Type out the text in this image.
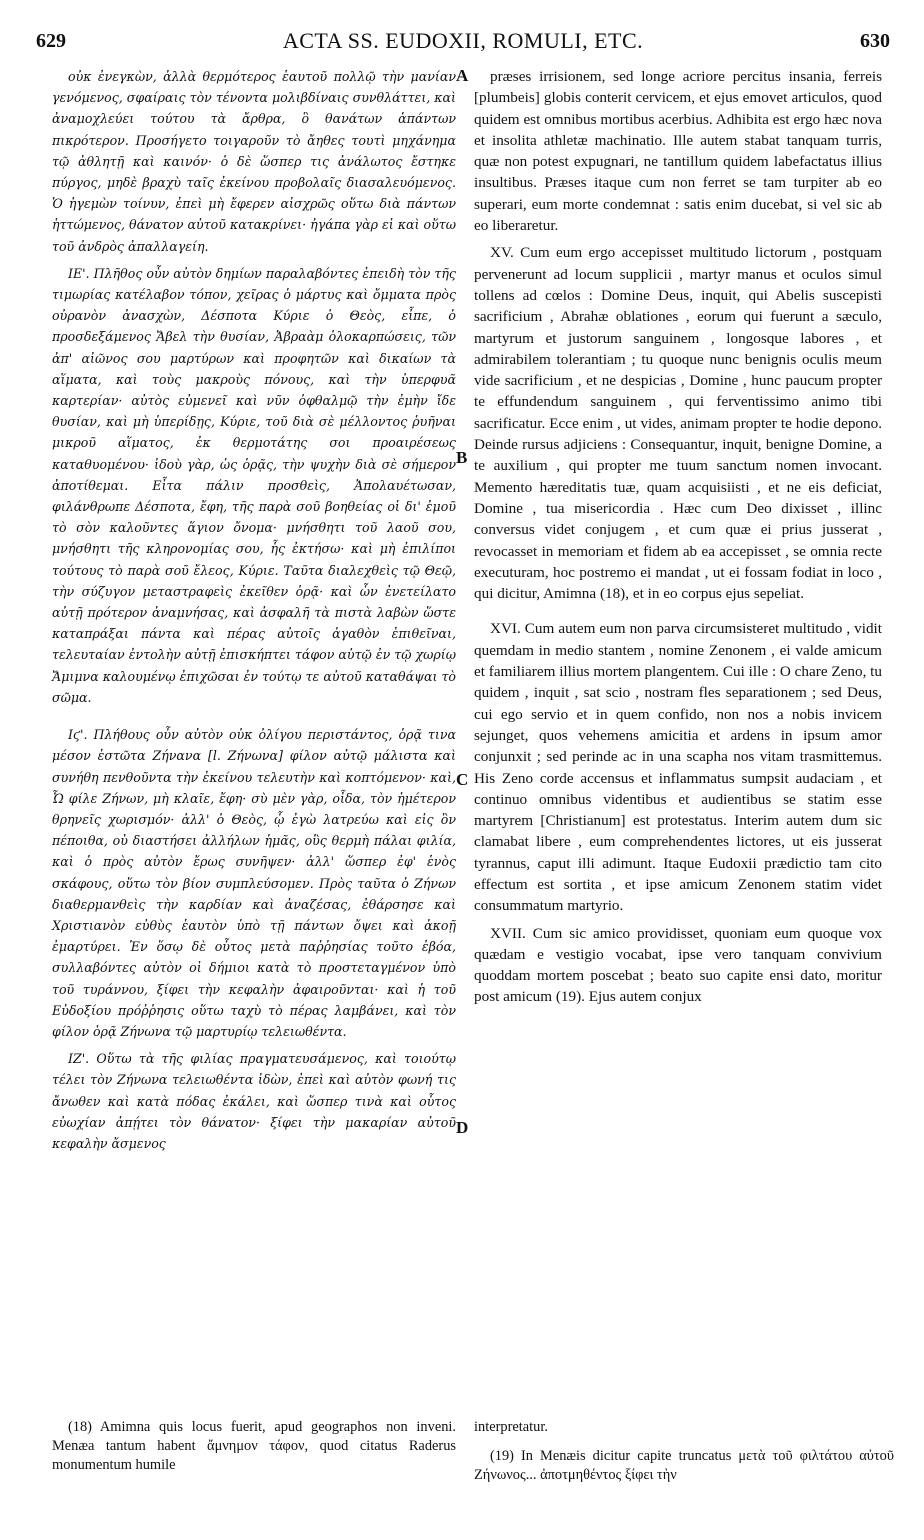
629	ACTA SS. EUDOXII, ROMULI, ETC.	630

οὐκ ἐνεγκὼν, ἀλλὰ θερμότερος ἑαυτοῦ πολλῷ τὴν μανίαν γενόμενος, σφαίραις τὸν τένοντα μολιβδίναις συνθλάττει, καὶ ἀναμοχλεύει τούτου τὰ ἄρθρα, ὃ θανάτων ἁπάντων πικρότερον. Προσήγετο τοιγαροῦν τὸ ἄηθες τουτὶ μηχάνημα τῷ ἀθλητῇ καὶ καινόν· ὁ δὲ ὥσπερ τις ἀνάλωτος ἔστηκε πύργος, μηδὲ βραχὺ ταῖς ἐκείνου προβολαῖς διασαλευόμενος. Ὁ ἡγεμὼν τοίνυν, ἐπεὶ μὴ ἔφερεν αἰσχρῶς οὕτω διὰ πάντων ἡττώμενος, θάνατον αὐτοῦ κατακρίνει· ἠγάπα γὰρ εἰ καὶ οὕτω τοῦ ἀνδρὸς ἀπαλλαγείη.

ΙΕ'. Πλῆθος οὖν αὐτὸν δημίων παραλαβόντες ἐπειδὴ τὸν τῆς τιμωρίας κατέλαβον τόπον, χεῖρας ὁ μάρτυς καὶ ὄμματα πρὸς οὐρανὸν ἀνασχὼν, Δέσποτα Κύριε ὁ Θεὸς, εἶπε, ὁ προσδεξάμενος Ἄβελ τὴν θυσίαν, Ἀβραὰμ ὁλοκαρπώσεις, τῶν ἀπ' αἰῶνος σου μαρτύρων καὶ προφητῶν καὶ δικαίων τὰ αἵματα, καὶ τοὺς μακροὺς πόνους, καὶ τὴν ὑπερφυᾶ καρτερίαν· αὐτὸς εὐμενεῖ καὶ νῦν ὀφθαλμῷ τὴν ἐμὴν ἴδε θυσίαν, καὶ μὴ ὑπερίδῃς, Κύριε, τοῦ διὰ σὲ μέλλοντος ῥυῆναι μικροῦ αἵματος, ἐκ θερμοτάτης σοι προαιρέσεως καταθυομένου· ἰδοὺ γὰρ, ὡς ὁρᾷς, τὴν ψυχὴν διὰ σὲ σήμερον ἀποτίθεμαι. Εἶτα πάλιν προσθεὶς, Ἀπολαυέτωσαν, φιλάνθρωπε Δέσποτα, ἔφη, τῆς παρὰ σοῦ βοηθείας οἱ δι' ἐμοῦ τὸ σὸν καλοῦντες ἅγιον ὄνομα· μνήσθητι τοῦ λαοῦ σου, μνήσθητι τῆς κληρονομίας σου, ἧς ἐκτήσω· καὶ μὴ ἐπιλίποι τούτους τὸ παρὰ σοῦ ἔλεος, Κύριε. Ταῦτα διαλεχθεὶς τῷ Θεῷ, τὴν σύζυγον μεταστραφεὶς ἐκεῖθεν ὁρᾷ· καὶ ὧν ἐνετείλατο αὐτῇ πρότερον ἀναμνήσας, καὶ ἀσφαλῆ τὰ πιστὰ λαβὼν ὥστε καταπράξαι πάντα καὶ πέρας αὐτοῖς ἀγαθὸν ἐπιθεῖναι, τελευταίαν ἐντολὴν αὐτῇ ἐπισκήπτει τάφον αὐτῷ ἐν τῷ χωρίῳ Ἄμιμνα καλουμένῳ ἐπιχῶσαι ἐν τούτῳ τε αὐτοῦ καταθάψαι τὸ σῶμα.

Ιϛ'. Πλήθους οὖν αὐτὸν οὐκ ὀλίγου περιστάντος, ὁρᾷ τινα μέσον ἑστῶτα Ζήνανα [l. Ζήνωνα] φίλον αὐτῷ μάλιστα καὶ συνήθη πενθοῦντα τὴν ἐκείνου τελευτὴν καὶ κοπτόμενον· καὶ, Ὦ φίλε Ζήνων, μὴ κλαῖε, ἔφη· σὺ μὲν γὰρ, οἶδα, τὸν ἡμέτερον θρηνεῖς χωρισμόν· ἀλλ' ὁ Θεὸς, ᾧ ἐγὼ λατρεύω καὶ εἰς ὃν πέποιθα, οὐ διαστήσει ἀλλήλων ἡμᾶς, οὓς θερμὴ πάλαι φιλία, καὶ ὁ πρὸς αὐτὸν ἔρως συνῆψεν· ἀλλ' ὥσπερ ἐφ' ἑνὸς σκάφους, οὕτω τὸν βίον συμπλεύσομεν. Πρὸς ταῦτα ὁ Ζήνων διαθερμανθεὶς τὴν καρδίαν καὶ ἀναζέσας, ἐθάρσησε καὶ Χριστιανὸν εὐθὺς ἑαυτὸν ὑπὸ τῇ πάντων ὄψει καὶ ἀκοῇ ἐμαρτύρει. Ἐν ὅσῳ δὲ οὗτος μετὰ παῤῥησίας τοῦτο ἐβόα, συλλαβόντες αὐτὸν οἱ δήμιοι κατὰ τὸ προστεταγμένον ὑπὸ τοῦ τυράννου, ξίφει τὴν κεφαλὴν ἀφαιροῦνται· καὶ ἡ τοῦ Εὐδοξίου πρόῤῥησις οὕτω ταχὺ τὸ πέρας λαμβάνει, καὶ τὸν φίλον ὁρᾷ Ζήνωνα τῷ μαρτυρίῳ τελειωθέντα.

ΙΖ'. Οὕτω τὰ τῆς φιλίας πραγματευσάμενος, καὶ τοιούτῳ τέλει τὸν Ζήνωνα τελειωθέντα ἰδὼν, ἐπεὶ καὶ αὐτὸν φωνή τις ἄνωθεν καὶ κατὰ πόδας ἐκάλει, καὶ ὥσπερ τινὰ καὶ οὗτος εὐωχίαν ἀπῄτει τὸν θάνατον· ξίφει τὴν μακαρίαν αὐτοῦ κεφαλὴν ἄσμενος

A
B
C
D

præses irrisionem, sed longe acriore percitus insania, ferreis [plumbeis] globis conterit cervicem, et ejus emovet articulos, quod quidem est omnibus mortibus acerbius. Adhibita est ergo hæc nova et insolita athletæ machinatio. Ille autem stabat tanquam turris, quæ non potest expugnari, ne tantillum quidem labefactatus illius insultibus. Præses itaque cum non ferret se tam turpiter ab eo superari, eum morte condemnat : satis enim ducebat, si vel sic ab eo liberaretur.

XV. Cum eum ergo accepisset multitudo lictorum , postquam pervenerunt ad locum supplicii , martyr manus et oculos simul tollens ad cœlos : Domine Deus, inquit, qui Abelis suscepisti sacrificium , Abrahæ oblationes , eorum qui fuerunt a sæculo, martyrum et justorum sanguinem , longosque labores , et admirabilem tolerantiam ; tu quoque nunc benignis oculis meum vide sacrificium , et ne despicias , Domine , hunc paucum propter te effundendum sanguinem , qui ferventissimo animo tibi sacrificatur. Ecce enim , ut vides, animam propter te hodie depono. Deinde rursus adjiciens : Consequantur, inquit, benigne Domine, a te auxilium , qui propter me tuum sanctum nomen invocant. Memento hæreditatis tuæ, quam acquisiisti , et ne eis deficiat, Domine , tua misericordia . Hæc cum Deo dixisset , illinc conversus videt conjugem , et cum quæ ei prius jusserat , revocasset in memoriam et fidem ab ea accepisset , se omnia recte executuram, hoc postremo ei mandat , ut ei fossam fodiat in loco , qui dicitur, Amimna (18), et in eo corpus ejus sepeliat.

XVI. Cum autem eum non parva circumsisteret multitudo , vidit quemdam in medio stantem , nomine Zenonem , ei valde amicum et familiarem illius mortem plangentem. Cui ille : O chare Zeno, tu quidem , inquit , sat scio , nostram fles separationem ; sed Deus, cui ego servio et in quem confido, non nos a nobis invicem sejunget, quos vehemens amicitia et ardens in ipsum amor conjunxit ; sed perinde ac in una scapha nos vitam trasmittemus. His Zeno corde accensus et inflammatus sumpsit audaciam , et continuo omnibus videntibus et audientibus se statim esse martyrem [Christianum] est protestatus. Interim autem dum sic clamabat libere , eum comprehendentes lictores, ut eis jusserat tyrannus, caput illi adimunt. Itaque Eudoxii prædictio tam cito effectum est sortita , et ipse amicum Zenonem statim videt consummatum martyrio.

XVII. Cum sic amico providisset, quoniam eum quoque vox quædam e vestigio vocabat, ipse vero tanquam convivium quoddam mortem poscebat ; beato suo capite ensi dato, moritur post amicum (19). Ejus autem conjux

(18) Amimna quis locus fuerit, apud geographos non inveni. Menæa tantum habent ἄμνημον τάφον, quod citatus Raderus monumentum humile

interpretatur.

(19) In Menæis dicitur capite truncatus μετὰ τοῦ φιλτάτου αὐτοῦ Ζήνωνος... ἀποτμηθέντος ξίφει τὴν
